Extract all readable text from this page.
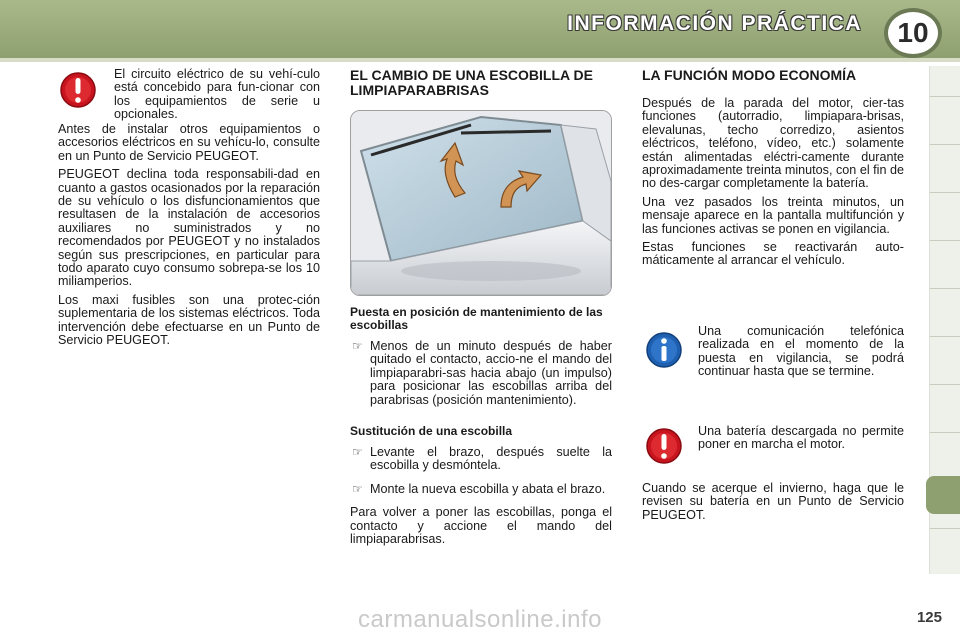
INFORMACIÓN PRÁCTICA	10
El circuito eléctrico de su vehí-culo está concebido para fun-cionar con los equipamientos de serie u opcionales.

Antes de instalar otros equipamientos o accesorios eléctricos en su vehícu-lo, consulte en un Punto de Servicio PEUGEOT.

PEUGEOT declina toda responsabili-dad en cuanto a gastos ocasionados por la reparación de su vehículo o los disfuncionamientos que resultasen de la instalación de accesorios auxiliares no suministrados y no recomendados por PEUGEOT y no instalados según sus prescripciones, en particular para todo aparato cuyo consumo sobrepa-se los 10 miliamperios.

Los maxi fusibles son una protec-ción suplementaria de los sistemas eléctricos. Toda intervención debe efectuarse en un Punto de Servicio PEUGEOT.

EL CAMBIO DE UNA ESCOBILLA DE LIMPIAPARABRISAS
Puesta en posición de mantenimiento de las escobillas
☞ Menos de un minuto después de haber quitado el contacto, accio-ne el mando del limpiaparabri-sas hacia abajo (un impulso) para posicionar las escobillas arriba del parabrisas (posición mantenimiento).
Sustitución de una escobilla
☞ Levante el brazo, después suelte la escobilla y desmóntela.
☞ Monte la nueva escobilla y abata el brazo.

Para volver a poner las escobillas, ponga el contacto y accione el mando del limpiaparabrisas.

LA FUNCIÓN MODO ECONOMÍA

Después de la parada del motor, cier-tas funciones (autorradio, limpiapara-brisas, elevalunas, techo corredizo, asientos eléctricos, teléfono, vídeo, etc.) solamente están alimentadas eléctri-camente durante aproximadamente treinta minutos, con el fin de no des-cargar completamente la batería.

Una vez pasados los treinta minutos, un mensaje aparece en la pantalla multifunción y las funciones activas se ponen en vigilancia.

Estas funciones se reactivarán auto-máticamente al arrancar el vehículo.

Una comunicación telefónica realizada en el momento de la puesta en vigilancia, se podrá continuar hasta que se termine.
Una batería descargada no permite poner en marcha el motor.

Cuando se acerque el invierno, haga que le revisen su batería en un Punto de Servicio PEUGEOT.

carmanualsonline.info	125
